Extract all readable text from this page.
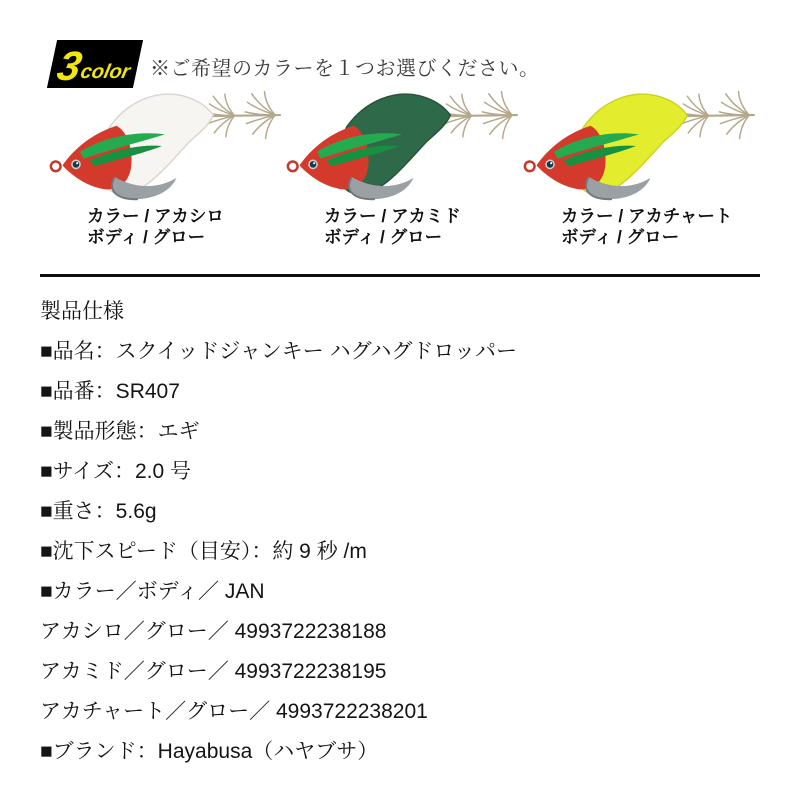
3
color ※ご希望のカラーを１つお選びください。

カラー / アカシロ
ボディ / グロー
カラー / アカミド
ボディ / グロー
カラー / アカチャート
ボディ / グロー
製品仕様
■品名：スクイッドジャンキー ハグハグドロッパー
■品番：SR407
■製品形態：エギ
■サイズ：2.0 号
■重さ：5.6g
■沈下スピード（目安）：約 9 秒 /m
■カラー／ボディ／ JAN
アカシロ／グロー／ 4993722238188
アカミド／グロー／ 4993722238195
アカチャート／グロー／ 4993722238201
■ブランド：Hayabusa（ハヤブサ）
